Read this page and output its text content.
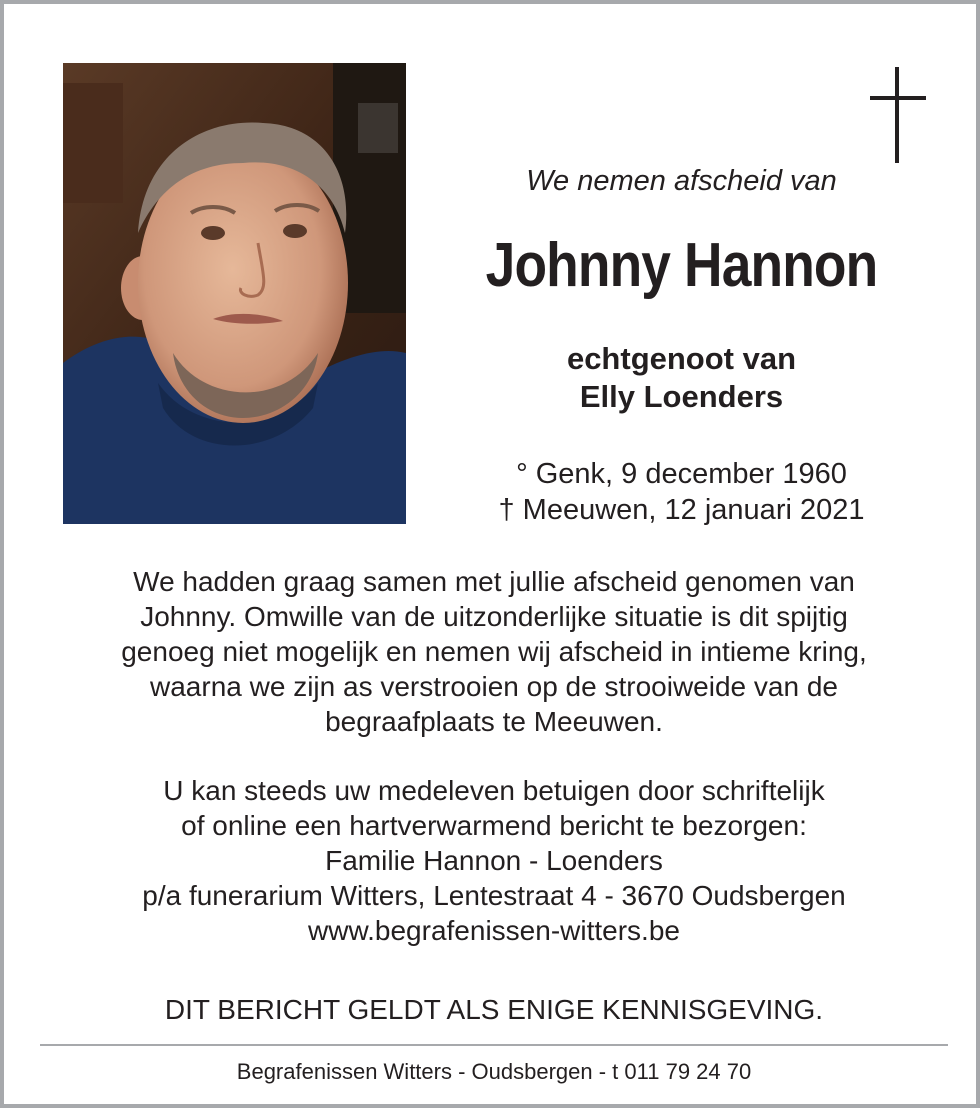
We nemen afscheid van
Johnny Hannon
echtgenoot van
Elly Loenders
° Genk, 9 december 1960
† Meeuwen, 12 januari 2021

We hadden graag samen met jullie afscheid genomen van
Johnny. Omwille van de uitzonderlijke situatie is dit spijtig
genoeg niet mogelijk en nemen wij afscheid in intieme kring,
waarna we zijn as verstrooien op de strooiweide van de
begraafplaats te Meeuwen.

U kan steeds uw medeleven betuigen door schriftelijk
of online een hartverwarmend bericht te bezorgen:
Familie Hannon - Loenders
p/a funerarium Witters, Lentestraat 4 - 3670 Oudsbergen
www.begrafenissen-witters.be

DIT BERICHT GELDT ALS ENIGE KENNISGEVING.
Begrafenissen Witters - Oudsbergen - t 011 79 24 70
